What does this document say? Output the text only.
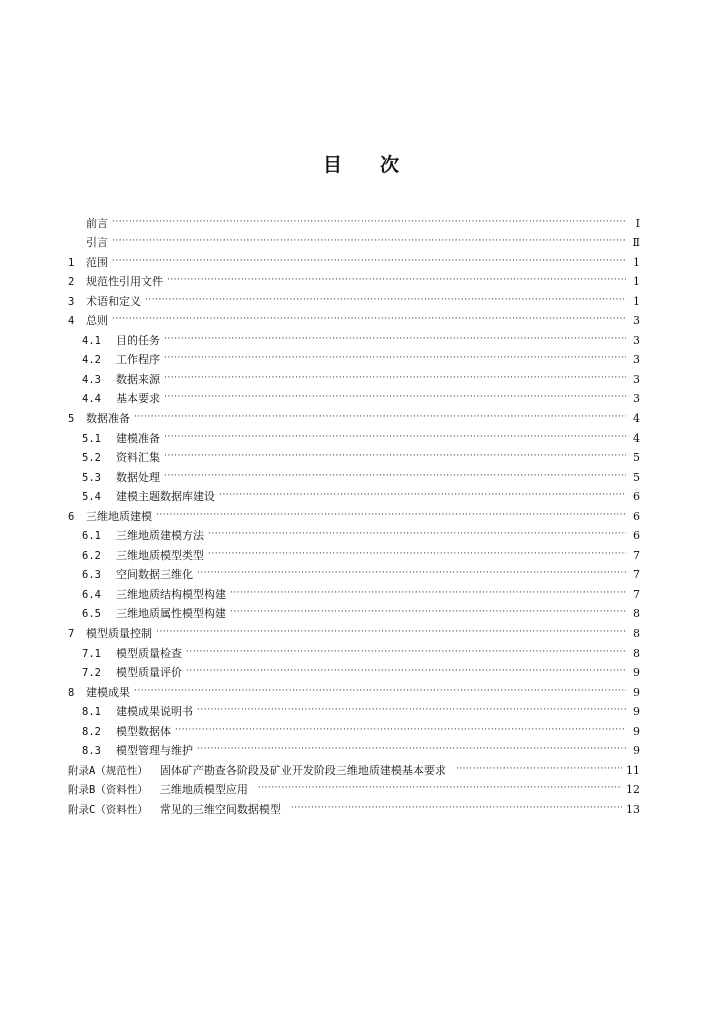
目 次
前言 ·····	Ⅰ
引言 ·····	Ⅱ
1	范围 ·····	1
2	规范性引用文件 ·····	1
3	术语和定义 ·····	1
4	总则 ·····	3
4.1	目的任务 ·····	3
4.2	工作程序 ·····	3
4.3	数据来源 ·····	3
4.4	基本要求 ·····	3
5	数据准备 ·····	4
5.1	建模准备 ·····	4
5.2	资料汇集 ·····	5
5.3	数据处理 ·····	5
5.4	建模主题数据库建设 ·····	6
6	三维地质建模 ·····	6
6.1	三维地质建模方法 ·····	6
6.2	三维地质模型类型 ·····	7
6.3	空间数据三维化 ·····	7
6.4	三维地质结构模型构建 ·····	7
6.5	三维地质属性模型构建 ·····	8
7	模型质量控制 ·····	8
7.1	模型质量检查 ·····	8
7.2	模型质量评价 ·····	9
8	建模成果 ·····	9
8.1	建模成果说明书 ·····	9
8.2	模型数据体 ·····	9
8.3	模型管理与维护 ·····	9
附录A（规范性） 固体矿产勘查各阶段及矿业开发阶段三维地质建模基本要求 ·····	11
附录B（资料性） 三维地质模型应用 ·····	12
附录C（资料性） 常见的三维空间数据模型 ·····	13
